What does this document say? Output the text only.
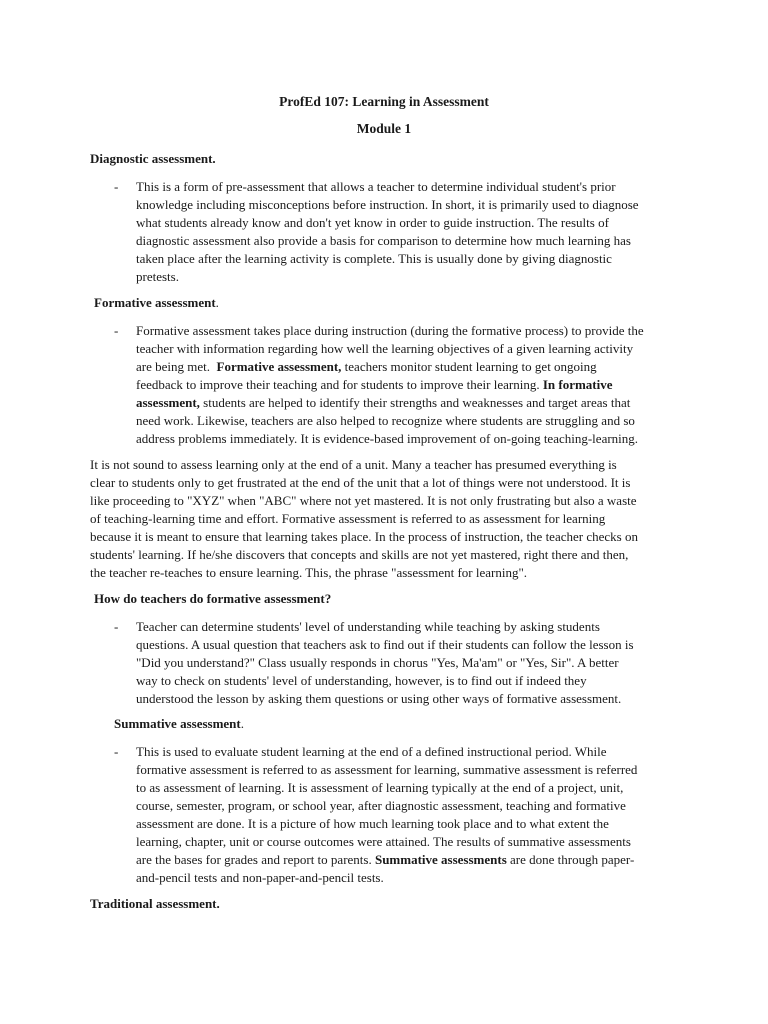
ProfEd 107: Learning in Assessment
Module 1
Diagnostic assessment.
- This is a form of pre-assessment that allows a teacher to determine individual student's prior
knowledge including misconceptions before instruction. In short, it is primarily used to diagnose
what students already know and don't yet know in order to guide instruction. The results of
diagnostic assessment also provide a basis for comparison to determine how much learning has
taken place after the learning activity is complete. This is usually done by giving diagnostic
pretests.
Formative assessment.
- Formative assessment takes place during instruction (during the formative process) to provide the
teacher with information regarding how well the learning objectives of a given learning activity
are being met.  Formative assessment, teachers monitor student learning to get ongoing
feedback to improve their teaching and for students to improve their learning. In formative
assessment, students are helped to identify their strengths and weaknesses and target areas that
need work. Likewise, teachers are also helped to recognize where students are struggling and so
address problems immediately. It is evidence-based improvement of on-going teaching-learning.
It is not sound to assess learning only at the end of a unit. Many a teacher has presumed everything is
clear to students only to get frustrated at the end of the unit that a lot of things were not understood. It is
like proceeding to "XYZ" when "ABC" where not yet mastered. It is not only frustrating but also a waste
of teaching-learning time and effort. Formative assessment is referred to as assessment for learning
because it is meant to ensure that learning takes place. In the process of instruction, the teacher checks on
students' learning. If he/she discovers that concepts and skills are not yet mastered, right there and then,
the teacher re-teaches to ensure learning. This, the phrase "assessment for learning".
How do teachers do formative assessment?
- Teacher can determine students' level of understanding while teaching by asking students
questions. A usual question that teachers ask to find out if their students can follow the lesson is
"Did you understand?" Class usually responds in chorus "Yes, Ma'am" or "Yes, Sir". A better
way to check on students' level of understanding, however, is to find out if indeed they
understood the lesson by asking them questions or using other ways of formative assessment.
Summative assessment.
- This is used to evaluate student learning at the end of a defined instructional period. While
formative assessment is referred to as assessment for learning, summative assessment is referred
to as assessment of learning. It is assessment of learning typically at the end of a project, unit,
course, semester, program, or school year, after diagnostic assessment, teaching and formative
assessment are done. It is a picture of how much learning took place and to what extent the
learning, chapter, unit or course outcomes were attained. The results of summative assessments
are the bases for grades and report to parents. Summative assessments are done through paper-
and-pencil tests and non-paper-and-pencil tests.
Traditional assessment.
